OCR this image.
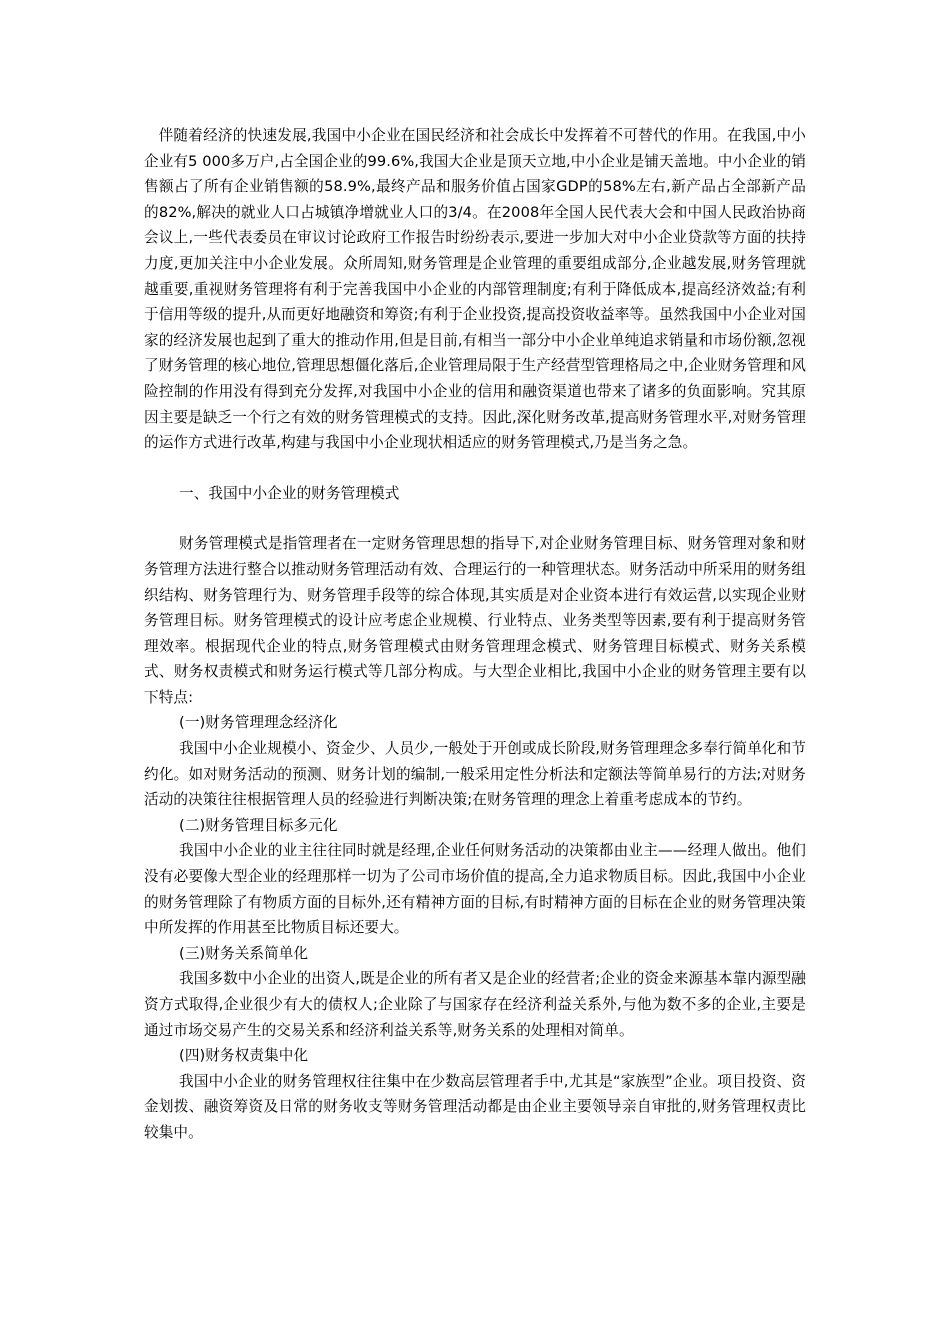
伴随着经济的快速发展,我国中小企业在国民经济和社会成长中发挥着不可替代的作用。在我国,中小企业有5 000多万户,占全国企业的99.6%,我国大企业是顶天立地,中小企业是铺天盖地。中小企业的销售额占了所有企业销售额的58.9%,最终产品和服务价值占国家GDP的58%左右,新产品占全部新产品的82%,解决的就业人口占城镇净增就业人口的3/4。在2008年全国人民代表大会和中国人民政治协商会议上,一些代表委员在审议讨论政府工作报告时纷纷表示,要进一步加大对中小企业贷款等方面的扶持力度,更加关注中小企业发展。众所周知,财务管理是企业管理的重要组成部分,企业越发展,财务管理就越重要,重视财务管理将有利于完善我国中小企业的内部管理制度;有利于降低成本,提高经济效益;有利于信用等级的提升,从而更好地融资和筹资;有利于企业投资,提高投资收益率等。虽然我国中小企业对国家的经济发展也起到了重大的推动作用,但是目前,有相当一部分中小企业单纯追求销量和市场份额,忽视了财务管理的核心地位,管理思想僵化落后,企业管理局限于生产经营型管理格局之中,企业财务管理和风险控制的作用没有得到充分发挥,对我国中小企业的信用和融资渠道也带来了诸多的负面影响。究其原因主要是缺乏一个行之有效的财务管理模式的支持。因此,深化财务改革,提高财务管理水平,对财务管理的运作方式进行改革,构建与我国中小企业现状相适应的财务管理模式,乃是当务之急。

一、我国中小企业的财务管理模式

财务管理模式是指管理者在一定财务管理思想的指导下,对企业财务管理目标、财务管理对象和财务管理方法进行整合以推动财务管理活动有效、合理运行的一种管理状态。财务活动中所采用的财务组织结构、财务管理行为、财务管理手段等的综合体现,其实质是对企业资本进行有效运营,以实现企业财务管理目标。财务管理模式的设计应考虑企业规模、行业特点、业务类型等因素,要有利于提高财务管理效率。根据现代企业的特点,财务管理模式由财务管理理念模式、财务管理目标模式、财务关系模式、财务权责模式和财务运行模式等几部分构成。与大型企业相比,我国中小企业的财务管理主要有以下特点:

(一)财务管理理念经济化

我国中小企业规模小、资金少、人员少,一般处于开创或成长阶段,财务管理理念多奉行简单化和节约化。如对财务活动的预测、财务计划的编制,一般采用定性分析法和定额法等简单易行的方法;对财务活动的决策往往根据管理人员的经验进行判断决策;在财务管理的理念上着重考虑成本的节约。

(二)财务管理目标多元化

我国中小企业的业主往往同时就是经理,企业任何财务活动的决策都由业主——经理人做出。他们没有必要像大型企业的经理那样一切为了公司市场价值的提高,全力追求物质目标。因此,我国中小企业的财务管理除了有物质方面的目标外,还有精神方面的目标,有时精神方面的目标在企业的财务管理决策中所发挥的作用甚至比物质目标还要大。

(三)财务关系简单化

我国多数中小企业的出资人,既是企业的所有者又是企业的经营者;企业的资金来源基本靠内源型融资方式取得,企业很少有大的债权人;企业除了与国家存在经济利益关系外,与他为数不多的企业,主要是通过市场交易产生的交易关系和经济利益关系等,财务关系的处理相对简单。

(四)财务权责集中化

我国中小企业的财务管理权往往集中在少数高层管理者手中,尤其是“家族型”企业。项目投资、资金划拨、融资筹资及日常的财务收支等财务管理活动都是由企业主要领导亲自审批的,财务管理权责比较集中。
